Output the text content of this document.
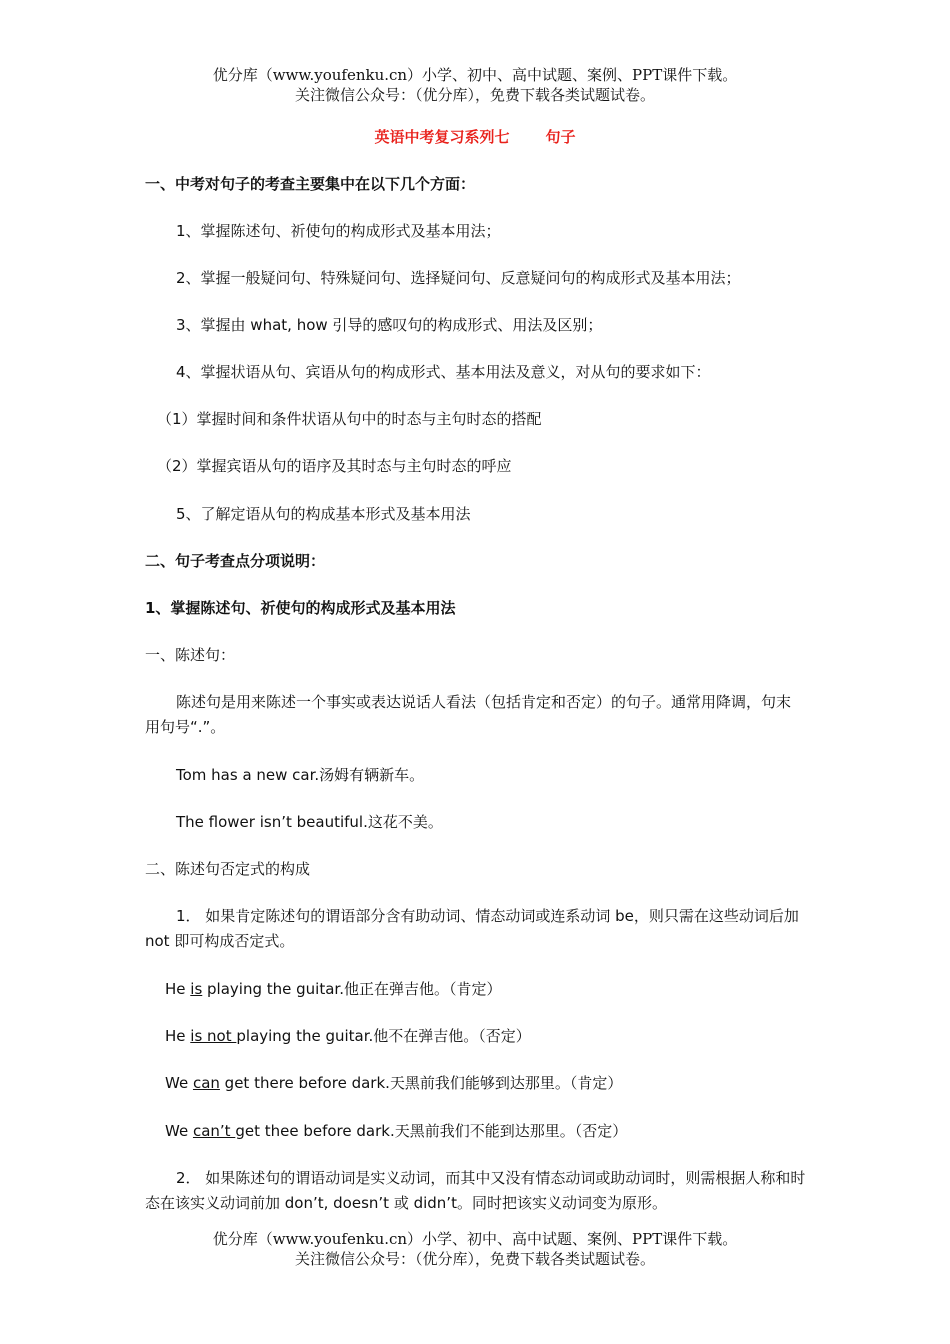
优分库（www.youfenku.cn）小学、初中、高中试题、案例、PPT课件下载。
关注微信公众号：（优分库），免费下载各类试题试卷。
英语中考复习系列七 句子
一、中考对句子的考查主要集中在以下几个方面：
1、掌握陈述句、祈使句的构成形式及基本用法；
2、掌握一般疑问句、特殊疑问句、选择疑问句、反意疑问句的构成形式及基本用法；
3、掌握由 what, how 引导的感叹句的构成形式、用法及区别；
4、掌握状语从句、宾语从句的构成形式、基本用法及意义，对从句的要求如下：
（1）掌握时间和条件状语从句中的时态与主句时态的搭配
（2）掌握宾语从句的语序及其时态与主句时态的呼应
5、了解定语从句的构成基本形式及基本用法
二、句子考查点分项说明：
1、掌握陈述句、祈使句的构成形式及基本用法
一、陈述句：
陈述句是用来陈述一个事实或表达说话人看法（包括肯定和否定）的句子。通常用降调，句末用句号“.”。
Tom has a new car.汤姆有辆新车。
The flower isn’t beautiful.这花不美。
二、陈述句否定式的构成
1． 如果肯定陈述句的谓语部分含有助动词、情态动词或连系动词 be，则只需在这些动词后加 not 即可构成否定式。
He is playing the guitar.他正在弹吉他。（肯定）
He is not playing the guitar.他不在弹吉他。（否定）
We can get there before dark.天黑前我们能够到达那里。（肯定）
We can’t get thee before dark.天黑前我们不能到达那里。（否定）
2． 如果陈述句的谓语动词是实义动词，而其中又没有情态动词或助动词时，则需根据人称和时态在该实义动词前加 don’t, doesn’t 或 didn’t。同时把该实义动词变为原形。
优分库（www.youfenku.cn）小学、初中、高中试题、案例、PPT课件下载。
关注微信公众号：（优分库），免费下载各类试题试卷。
